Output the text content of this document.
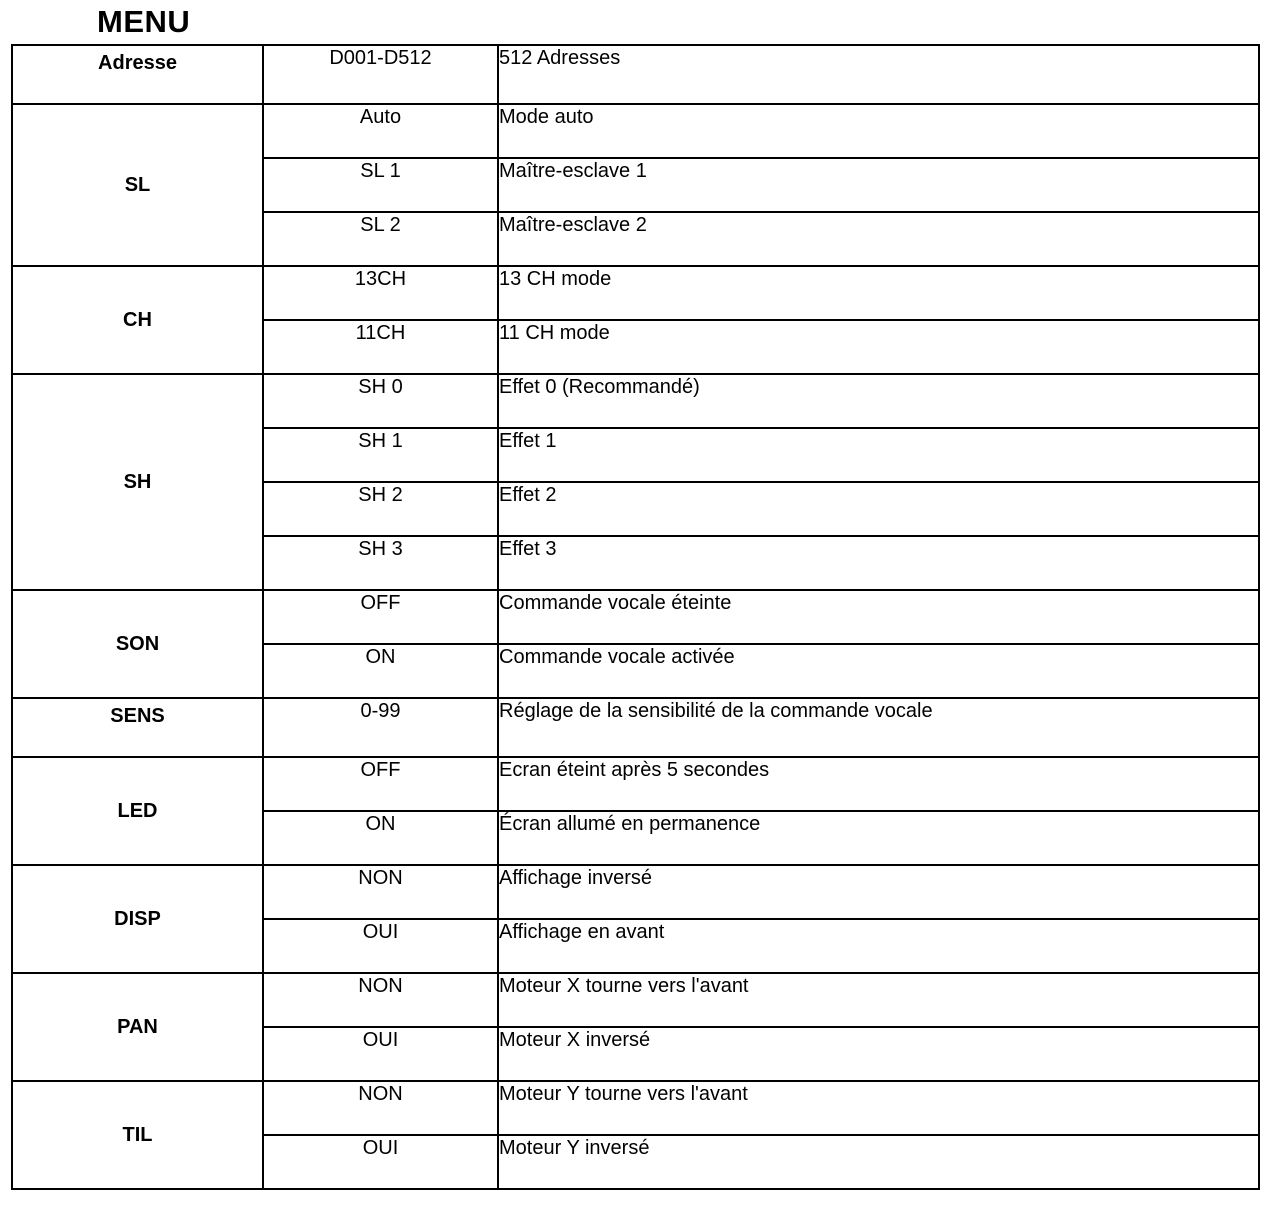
MENU
Adresse	D001-D512	512 Adresses
SL	Auto	Mode auto
	SL 1	Maître-esclave 1
	SL 2	Maître-esclave 2
CH	13CH	13 CH mode
	11CH	11 CH mode
SH	SH 0	Effet 0 (Recommandé)
	SH 1	Effet 1
	SH 2	Effet 2
	SH 3	Effet 3
SON	OFF	Commande vocale éteinte
	ON	Commande vocale activée
SENS	0-99	Réglage de la sensibilité de la commande vocale
LED	OFF	Ecran éteint après 5 secondes
	ON	Écran allumé en permanence
DISP	NON	Affichage inversé
	OUI	Affichage en avant
PAN	NON	Moteur X tourne vers l'avant
	OUI	Moteur X inversé
TIL	NON	Moteur Y tourne vers l'avant
	OUI	Moteur Y inversé
